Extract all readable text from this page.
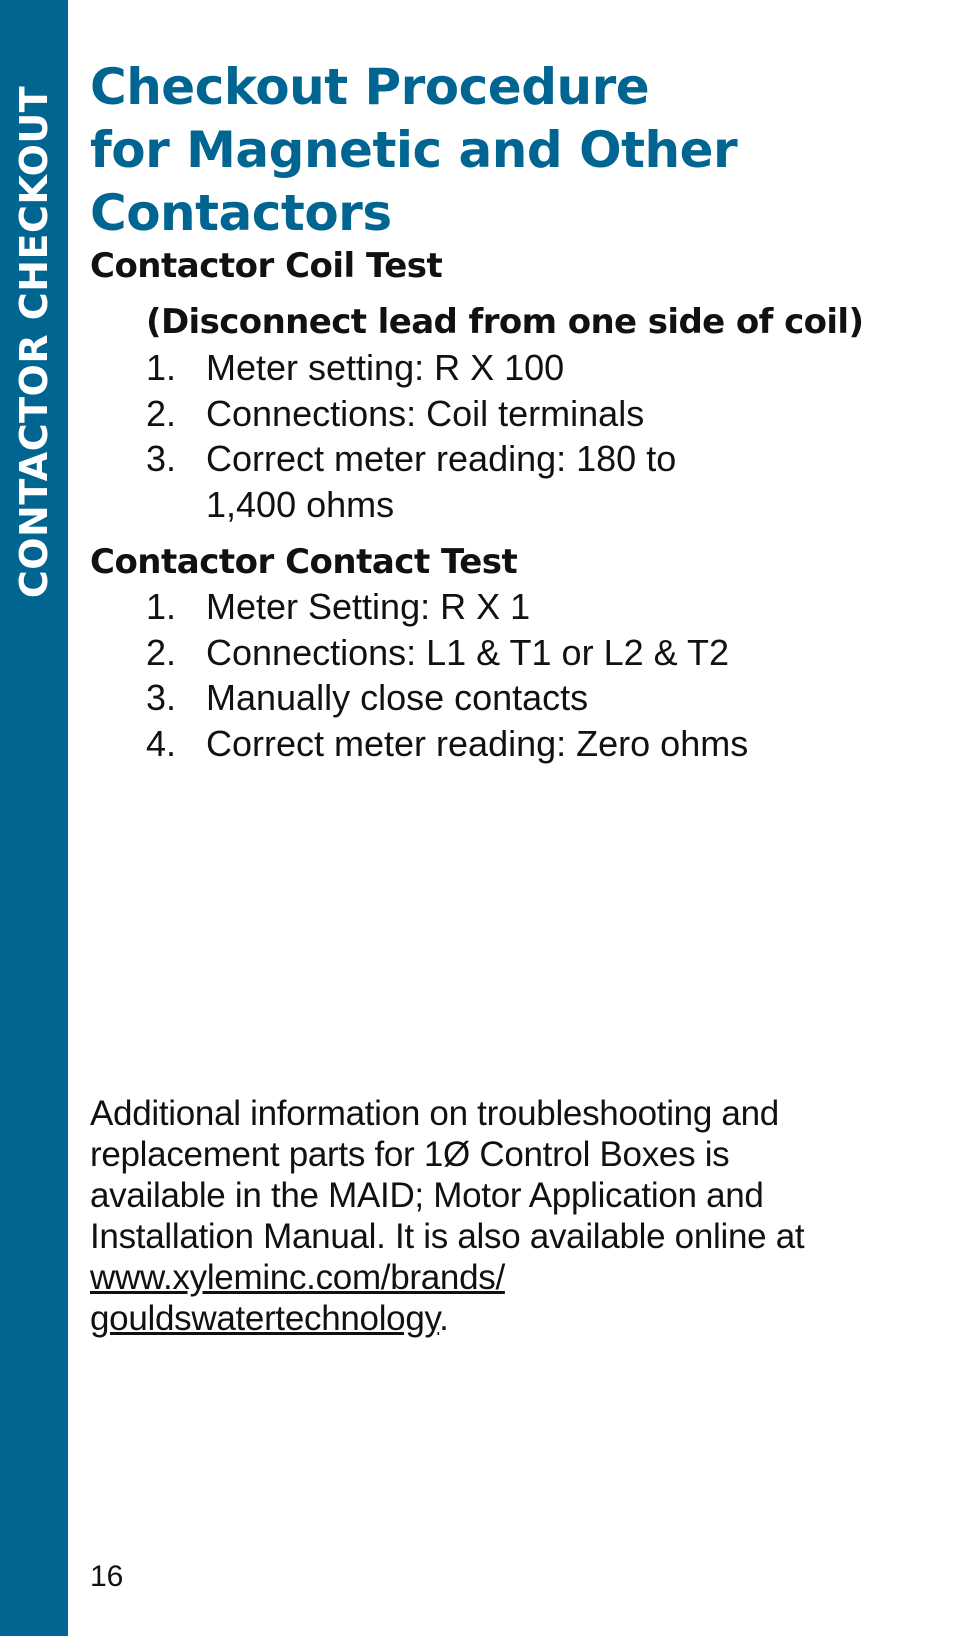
CONTACTOR CHECKOUT Checkout Procedure
for Magnetic and Other
Contactors
Contactor Coil Test
(Disconnect lead from one side of coil)
1. Meter setting: R X 100
2. Connections: Coil terminals
3. Correct meter reading: 180 to 1,400 ohms
Contactor Contact Test
1. Meter Setting: R X 1
2. Connections: L1 & T1 or L2 & T2
3. Manually close contacts
4. Correct meter reading: Zero ohms

Additional information on troubleshooting and replacement parts for 1Ø Control Boxes is available in the MAID; Motor Application and Installation Manual. It is also available online at www.xyleminc.com/brands/ gouldswatertechnology.

16
